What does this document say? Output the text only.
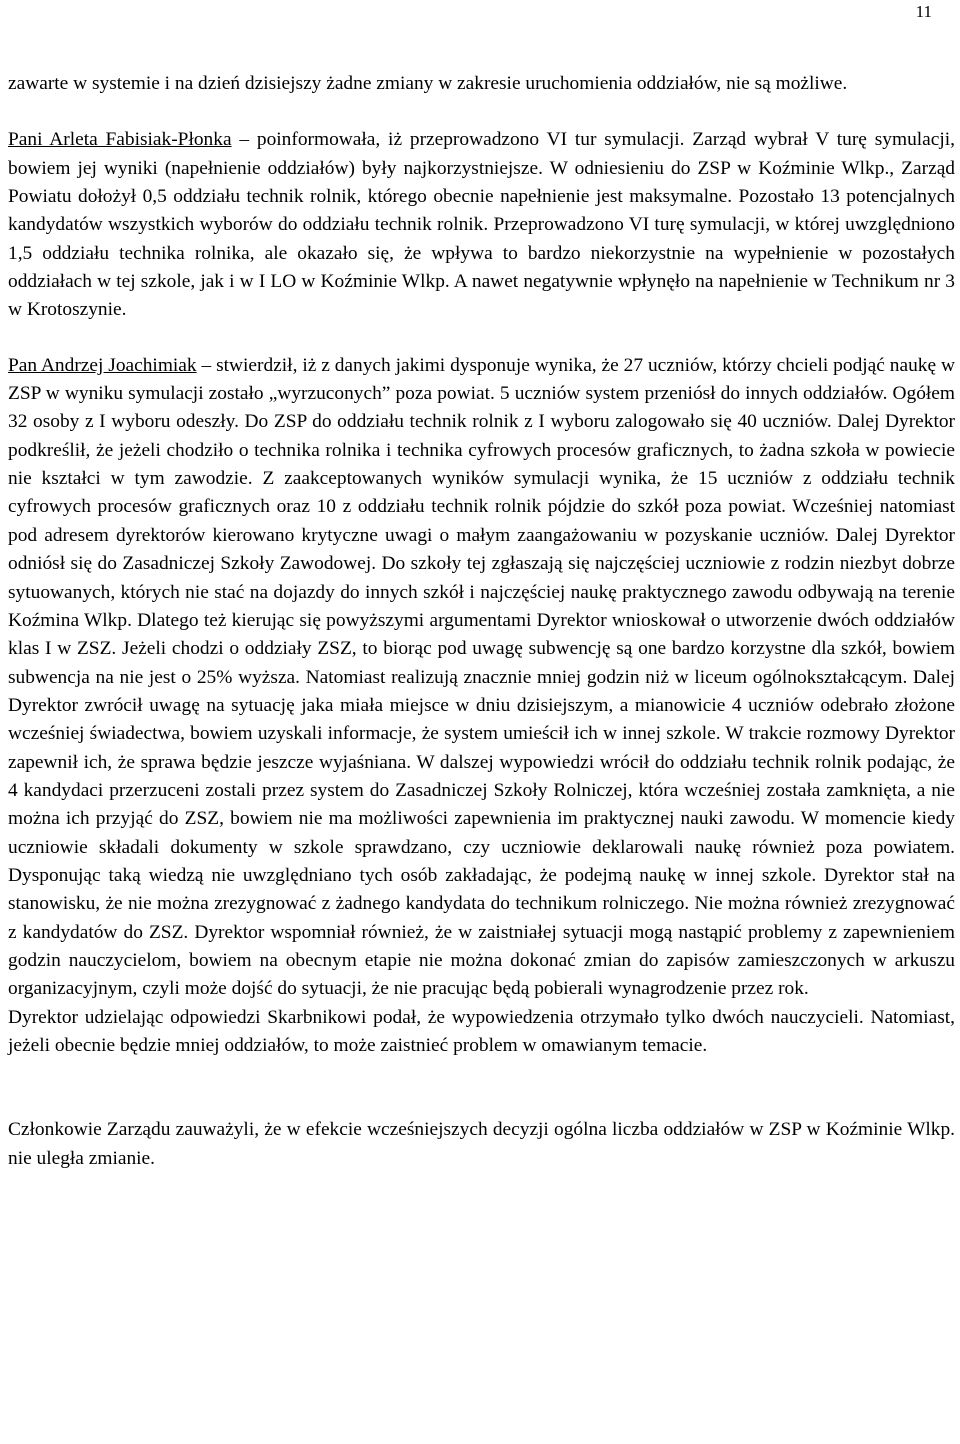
11

zawarte w systemie i na dzień dzisiejszy żadne zmiany w zakresie uruchomienia oddziałów, nie są możliwe.

Pani Arleta Fabisiak-Płonka – poinformowała, iż przeprowadzono VI tur symulacji. Zarząd wybrał V turę symulacji, bowiem jej wyniki (napełnienie oddziałów) były najkorzystniejsze. W odniesieniu do ZSP w Koźminie Wlkp., Zarząd Powiatu dołożył 0,5 oddziału technik rolnik, którego obecnie napełnienie jest maksymalne. Pozostało 13 potencjalnych kandydatów wszystkich wyborów do oddziału technik rolnik. Przeprowadzono VI turę symulacji, w której uwzględniono 1,5 oddziału technika rolnika, ale okazało się, że wpływa to bardzo niekorzystnie na wypełnienie w pozostałych oddziałach w tej szkole, jak i w I LO w Koźminie Wlkp. A nawet negatywnie wpłynęło na napełnienie w Technikum nr 3 w Krotoszynie.

Pan Andrzej Joachimiak – stwierdził, iż z danych jakimi dysponuje wynika, że 27 uczniów, którzy chcieli podjąć naukę w ZSP w wyniku symulacji zostało „wyrzuconych” poza powiat. 5 uczniów system przeniósł do innych oddziałów. Ogółem 32 osoby z I wyboru odeszły. Do ZSP do oddziału technik rolnik z I wyboru zalogowało się 40 uczniów. Dalej Dyrektor podkreślił, że jeżeli chodziło o technika rolnika i technika cyfrowych procesów graficznych, to żadna szkoła w powiecie nie kształci w tym zawodzie. Z zaakceptowanych wyników symulacji wynika, że 15 uczniów z oddziału technik cyfrowych procesów graficznych oraz 10 z oddziału technik rolnik pójdzie do szkół poza powiat. Wcześniej natomiast pod adresem dyrektorów kierowano krytyczne uwagi o małym zaangażowaniu w pozyskanie uczniów. Dalej Dyrektor odniósł się do Zasadniczej Szkoły Zawodowej. Do szkoły tej zgłaszają się najczęściej uczniowie z rodzin niezbyt dobrze sytuowanych, których nie stać na dojazdy do innych szkół i najczęściej naukę praktycznego zawodu odbywają na terenie Koźmina Wlkp. Dlatego też kierując się powyższymi argumentami Dyrektor wnioskował o utworzenie dwóch oddziałów klas I w ZSZ. Jeżeli chodzi o oddziały ZSZ, to biorąc pod uwagę subwencję są one bardzo korzystne dla szkół, bowiem subwencja na nie jest o 25% wyższa. Natomiast realizują znacznie mniej godzin niż w liceum ogólnokształcącym. Dalej Dyrektor zwrócił uwagę na sytuację jaka miała miejsce w dniu dzisiejszym, a mianowicie 4 uczniów odebrało złożone wcześniej świadectwa, bowiem uzyskali informacje, że system umieścił ich w innej szkole. W trakcie rozmowy Dyrektor zapewnił ich, że sprawa będzie jeszcze wyjaśniana. W dalszej wypowiedzi wrócił do oddziału technik rolnik podając, że 4 kandydaci przerzuceni zostali przez system do Zasadniczej Szkoły Rolniczej, która wcześniej została zamknięta, a nie można ich przyjąć do ZSZ, bowiem nie ma możliwości zapewnienia im praktycznej nauki zawodu. W momencie kiedy uczniowie składali dokumenty w szkole sprawdzano, czy uczniowie deklarowali naukę również poza powiatem. Dysponując taką wiedzą nie uwzględniano tych osób zakładając, że podejmą naukę w innej szkole. Dyrektor stał na stanowisku, że nie można zrezygnować z żadnego kandydata do technikum rolniczego. Nie można również zrezygnować z kandydatów do ZSZ. Dyrektor wspomniał również, że w zaistniałej sytuacji mogą nastąpić problemy z zapewnieniem godzin nauczycielom, bowiem na obecnym etapie nie można dokonać zmian do zapisów zamieszczonych w arkuszu organizacyjnym, czyli może dojść do sytuacji, że nie pracując będą pobierali wynagrodzenie przez rok.

Dyrektor udzielając odpowiedzi Skarbnikowi podał, że wypowiedzenia otrzymało tylko dwóch nauczycieli. Natomiast, jeżeli obecnie będzie mniej oddziałów, to może zaistnieć problem w omawianym temacie.

Członkowie Zarządu zauważyli, że w efekcie wcześniejszych decyzji ogólna liczba oddziałów w ZSP w Koźminie Wlkp. nie uległa zmianie.
